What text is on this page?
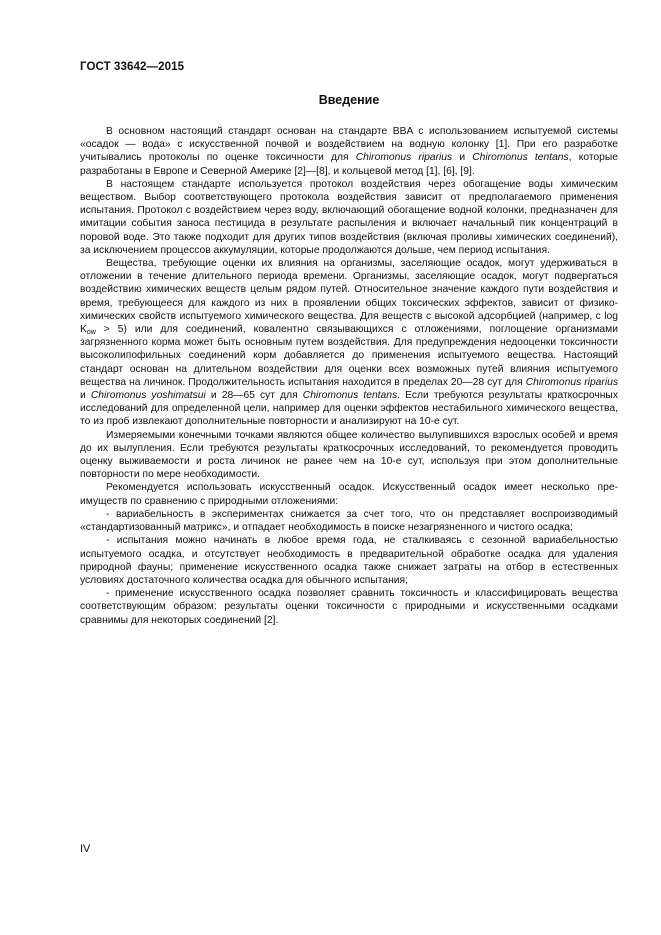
ГОСТ 33642—2015
Введение

В основном настоящий стандарт основан на стандарте BBA с использованием испытуемой системы «осадок — вода» с искусственной почвой и воздействием на водную колонку [1]. При его разработке учитывались протоколы по оценке токсичности для Chiromonus riparius и Chiromonus tentans, которые разработаны в Европе и Северной Америке [2]—[8], и кольцевой метод [1], [6], [9].

В настоящем стандарте используется протокол воздействия через обогащение воды химическим веществом. Выбор соответствующего протокола воздействия зависит от предполагаемого применения испытания. Протокол с воздействием через воду, включающий обогащение водной колонки, предназначен для имитации события заноса пестицида в результате распыления и включает начальный пик концентраций в поровой воде. Это также подходит для других типов воздействия (включая проливы химических соединений), за исключением процессов аккумуляции, которые продолжаются дольше, чем период испытания.

Вещества, требующие оценки их влияния на организмы, заселяющие осадок, могут удерживаться в отложении в течение длительного периода времени. Организмы, заселяющие осадок, могут подвергаться воздействию химических веществ целым рядом путей. Относительное значение каждого пути воздействия и время, требующееся для каждого из них в проявлении общих токсических эффектов, зависит от физико-химических свойств испытуемого химического вещества. Для веществ с высокой адсорбцией (например, с $\log K_{ow} > 5$) или для соединений, ковалентно связывающихся с отложениями, поглощение организмами загрязненного корма может быть основным путем воздействия. Для предупреждения недооценки токсичности высоколипофильных соединений корм добавляется до применения испытуемого вещества. Настоящий стандарт основан на длительном воздействии для оценки всех возможных путей влияния испытуемого вещества на личинок. Продолжительность испытания находится в пределах 20—28 сут для Chiromonus riparius и Chiromonus yoshimatsui и 28—65 сут для Chiromonus tentans. Если требуются результаты краткосрочных исследований для определенной цели, например для оценки эффектов нестабильного химического вещества, то из проб извлекают дополнительные повторности и анализируют на 10-е сут.

Измеряемыми конечными точками являются общее количество вылупившихся взрослых особей и время до их вылупления. Если требуются результаты краткосрочных исследований, то рекомендуется проводить оценку выживаемости и роста личинок не ранее чем на 10-е сут, используя при этом дополнительные повторности по мере необходимости.

Рекомендуется использовать искусственный осадок. Искусственный осадок имеет несколько преимуществ по сравнению с природными отложениями:

- вариабельность в экспериментах снижается за счет того, что он представляет воспроизводимый «стандартизованный матрикс», и отпадает необходимость в поиске незагрязненного и чистого осадка;

- испытания можно начинать в любое время года, не сталкиваясь с сезонной вариабельностью испытуемого осадка, и отсутствует необходимость в предварительной обработке осадка для удаления природной фауны; применение искусственного осадка также снижает затраты на отбор в естественных условиях достаточного количества осадка для обычного испытания;

- применение искусственного осадка позволяет сравнить токсичность и классифицировать вещества соответствующим образом: результаты оценки токсичности с природными и искусственными осадками сравнимы для некоторых соединений [2].

IV
